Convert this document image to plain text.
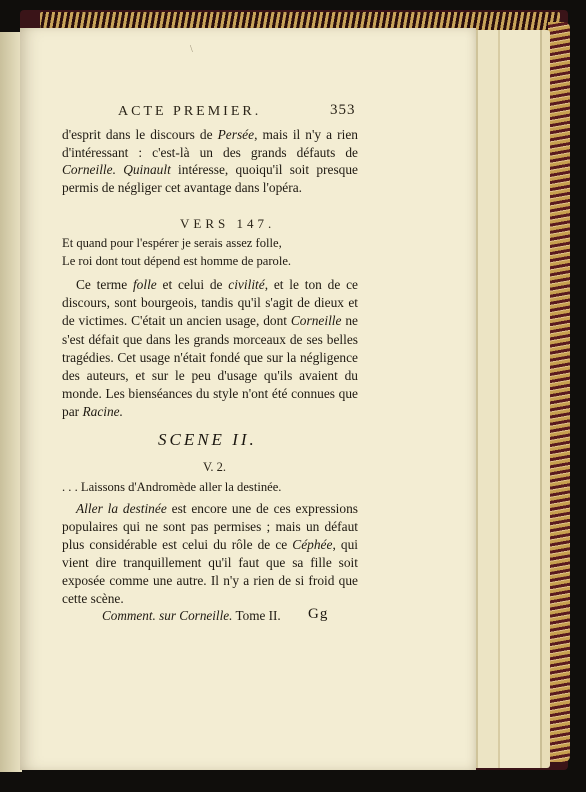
\
ACTE PREMIER.	353

d'esprit dans le discours de Persée, mais il n'y a rien d'intéressant : c'est-là un des grands défauts de Corneille. Quinault intéresse, quoiqu'il soit presque permis de négliger cet avantage dans l'opéra.

VERS 147.
Et quand pour l'espérer je serais assez folle,
Le roi dont tout dépend est homme de parole.

Ce terme folle et celui de civilité, et le ton de ce discours, sont bourgeois, tandis qu'il s'agit de dieux et de victimes. C'était un ancien usage, dont Corneille ne s'est défait que dans les grands morceaux de ses belles tragédies. Cet usage n'était fondé que sur la négligence des auteurs, et sur le peu d'usage qu'ils avaient du monde. Les bienséances du style n'ont été connues que par Racine.

SCENE II.
V. 2.
. . . Laissons d'Andromède aller la destinée.

Aller la destinée est encore une de ces expressions populaires qui ne sont pas permises ; mais un défaut plus considérable est celui du rôle de ce Céphée, qui vient dire tranquillement qu'il faut que sa fille soit exposée comme une autre. Il n'y a rien de si froid que cette scène.

Comment. sur Corneille. Tome II. Gg
